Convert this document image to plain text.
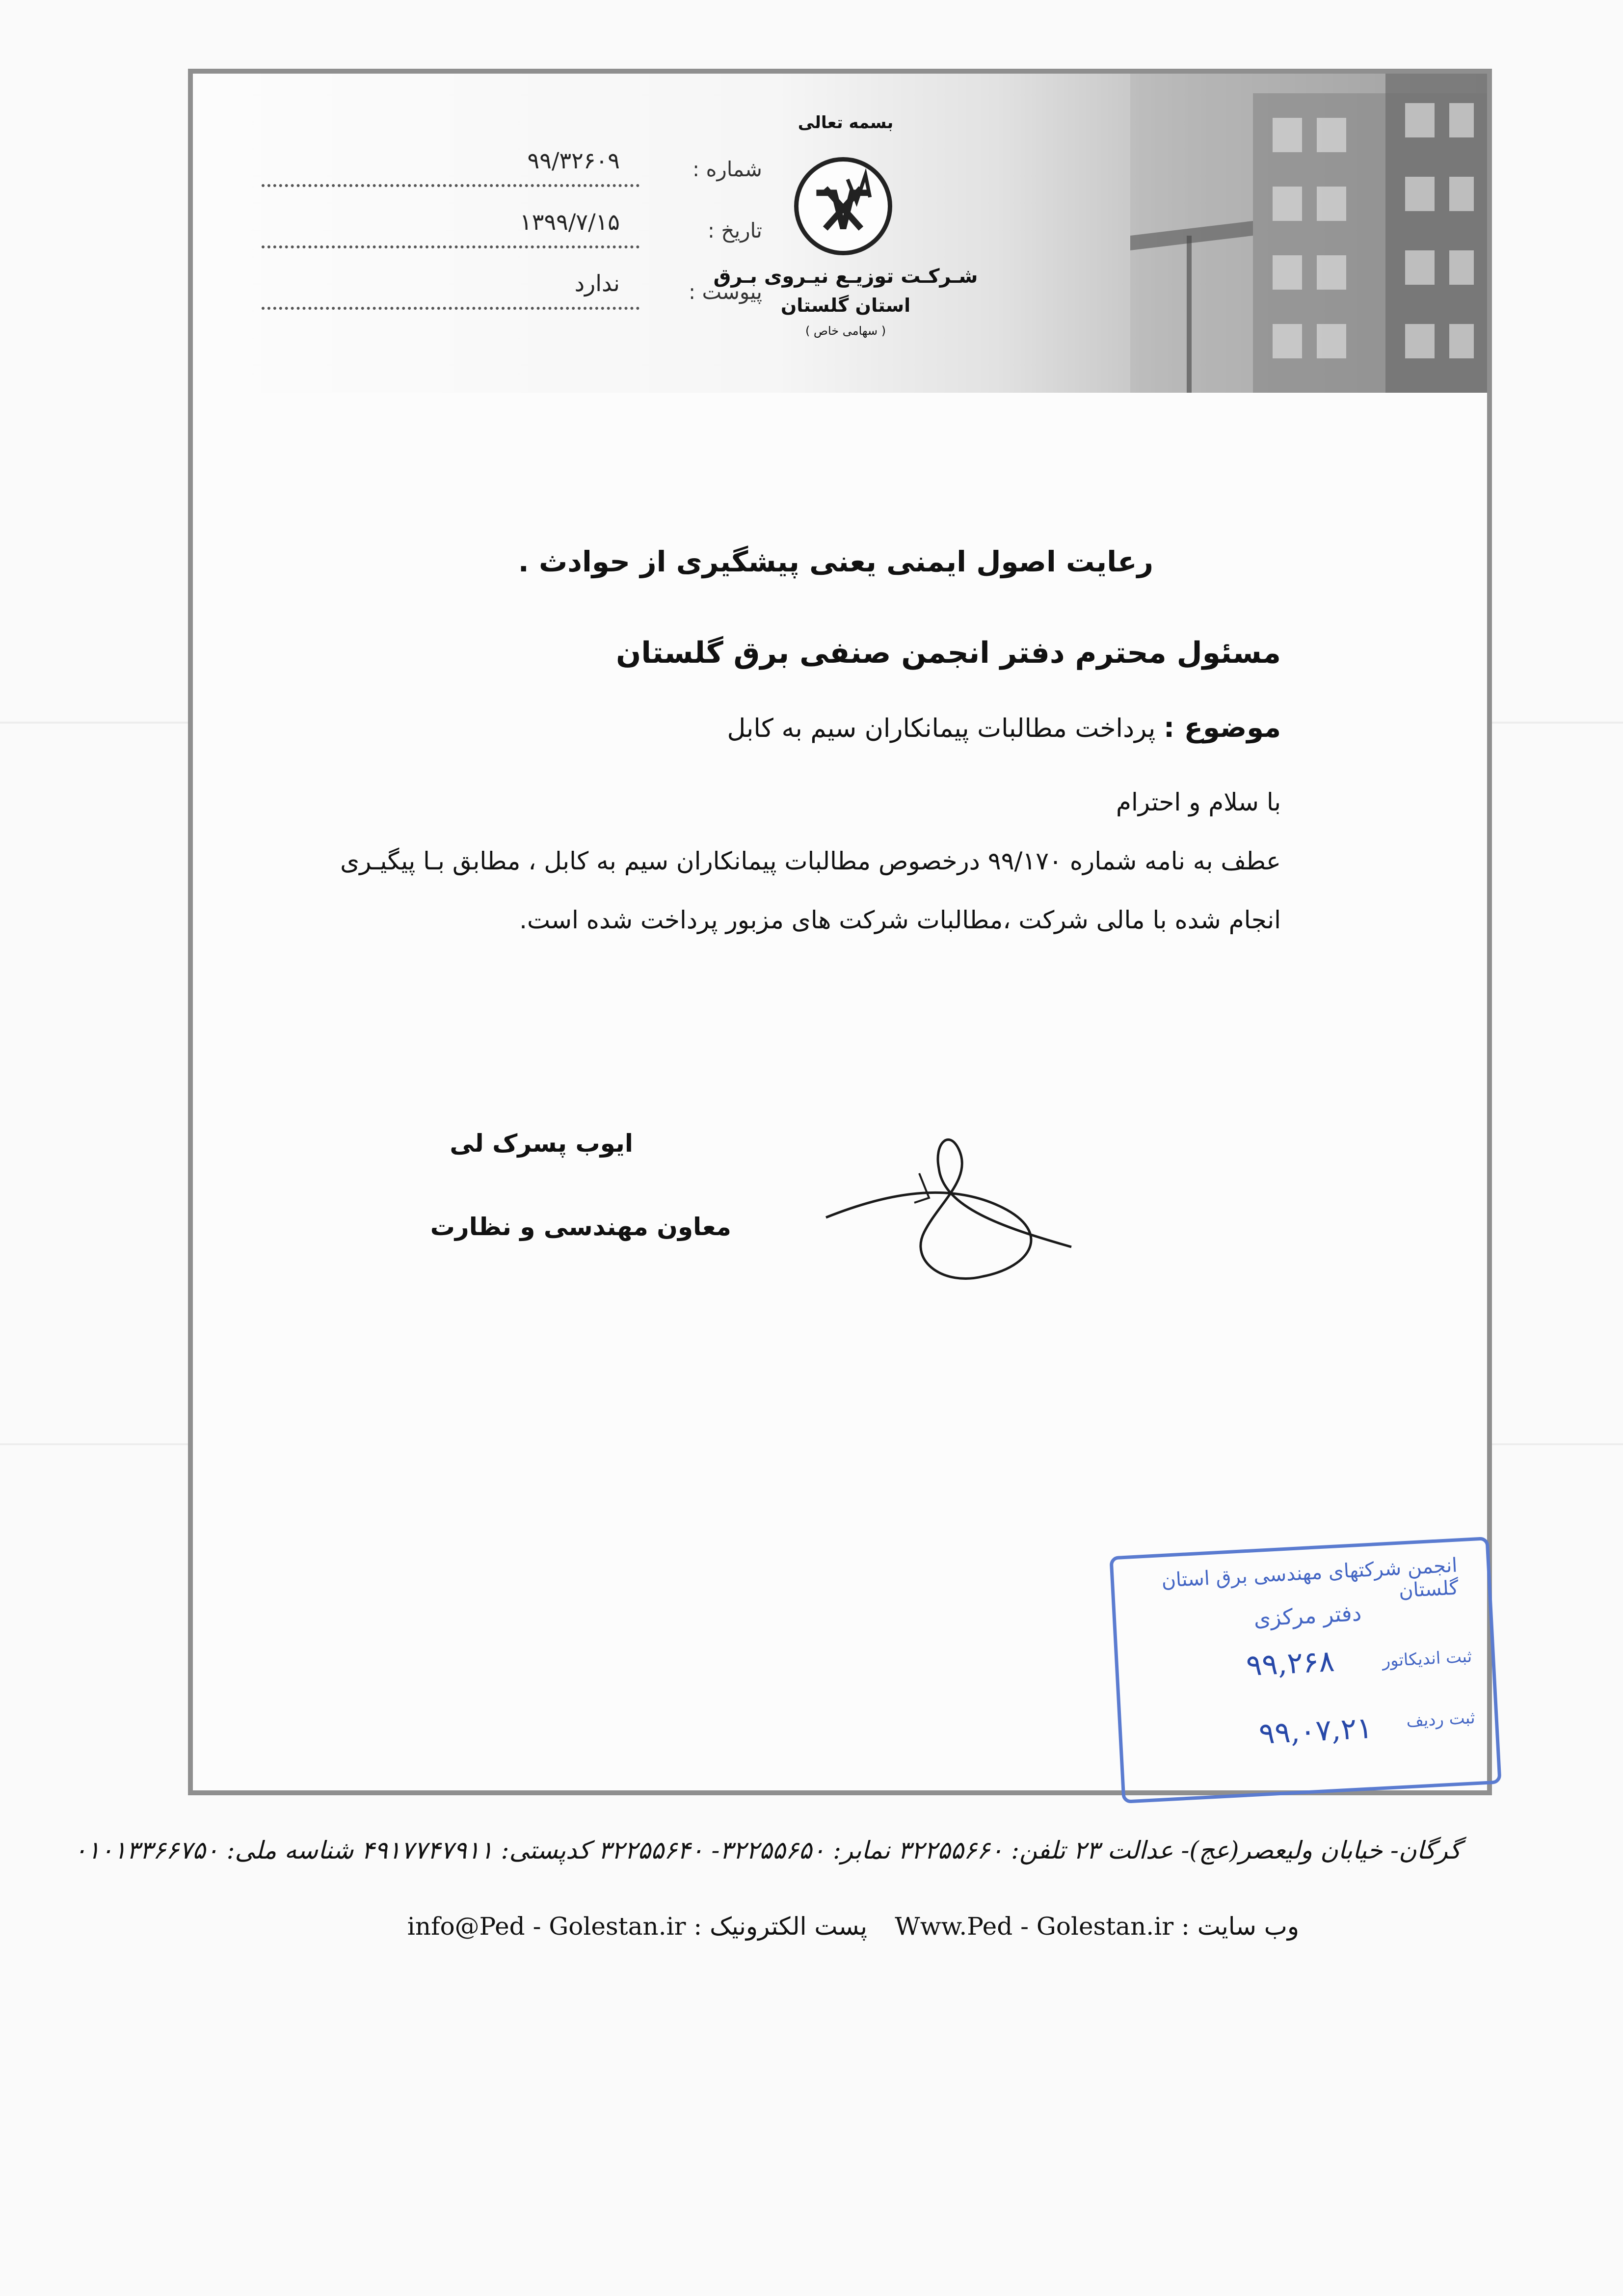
شماره :
۹۹/۳۲۶۰۹
تاریخ :
۱۳۹۹/۷/۱۵
پیوست :
ندارد
بسمه تعالی
شـرکـت توزیـع نیـروی بـرق
استان گلستان
( سهامی خاص )
رعایت اصول ایمنی یعنی پیشگیری از حوادث .
مسئول محترم دفتر انجمن صنفی برق گلستان
موضوع : پرداخت مطالبات پیمانکاران سیم به کابل
با سلام و احترام
عطف به نامه شماره ۹۹/۱۷۰ درخصوص مطالبات پیمانکاران سیم به کابل ، مطابق بـا پیگیـری
انجام شده با مالی شرکت ،مطالبات شرکت های مزبور پرداخت شده است.
ایوب پسرک لی
معاون مهندسی و نظارت
انجمن شرکتهای مهندسی برق استان گلستان
دفتر مرکزی
ثبت اندیکاتور
۹۹,۲۶۸
ثبت ردیف
۹۹,۰۷,۲۱
گرگان- خیابان ولیعصر(عج)- عدالت ۲۳ تلفن: ۳۲۲۵۵۶۶۰ نمابر: ۳۲۲۵۵۶۵۰- ۳۲۲۵۵۶۴۰ کدپستی: ۴۹۱۷۷۴۷۹۱۱ شناسه ملی: ۰۱۰۱۳۳۶۶۷۵۰
وب سایت : Www.Ped - Golestan.ir
پست الکترونیک : info@Ped - Golestan.ir
